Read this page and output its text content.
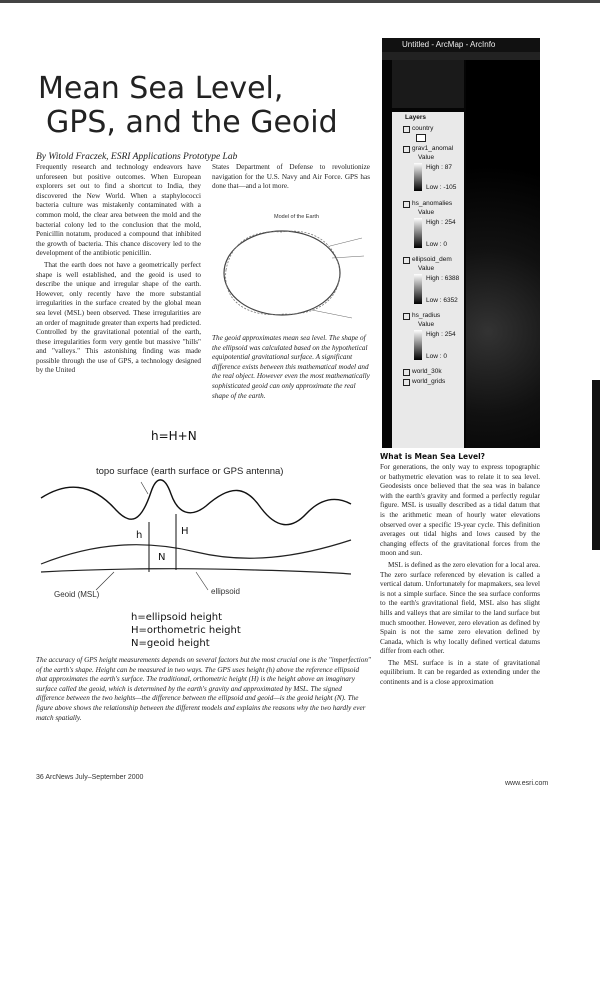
Mean Sea Level,
GPS, and the Geoid
By Witold Fraczek, ESRI Applications Prototype Lab

Frequently research and technology endeavors have unforeseen but positive outcomes. When European explorers set out to find a shortcut to India, they discovered the New World. When a staphylococci bacteria culture was mistakenly contaminated with a common mold, the clear area between the mold and the bacterial colony led to the conclusion that the mold, Penicillin notatum, produced a compound that inhibited the growth of bacteria. This chance discovery led to the development of the antibiotic penicillin.

That the earth does not have a geometrically perfect shape is well established, and the geoid is used to describe the unique and irregular shape of the earth. However, only recently have the more substantial irregularities in the surface created by the global mean sea level (MSL) been observed. These irregularities are an order of magnitude greater than experts had predicted. Controlled by the gravitational potential of the earth, these irregularities form very gentle but massive "hills" and "valleys." This astonishing finding was made possible through the use of GPS, a technology designed by the United

States Department of Defense to revolutionize navigation for the U.S. Navy and Air Force. GPS has done that—and a lot more.

Model of the Earth
The geoid approximates mean sea level. The shape of the ellipsoid was calculated based on the hypothetical equipotential gravitational surface. A significant difference exists between this mathematical model and the real object. However even the most mathematically sophisticated geoid can only approximate the real shape of the earth.
Untitled - ArcMap - ArcInfo
Layers
country
grav1_anomal
Value
High : 87
Low : -105
hs_anomalies
Value
High : 254
Low : 0
ellipsoid_dem
Value
High : 6388
Low : 6352
hs_radius
Value
High : 254
Low : 0
world_30k
world_grids
h=H+N
topo surface (earth surface or GPS antenna)
h	H
N
Geoid (MSL)	ellipsoid
h=ellipsoid height
H=orthometric height
N=geoid height
The accuracy of GPS height measurements depends on several factors but the most crucial one is the "imperfection" of the earth's shape. Height can be measured in two ways. The GPS uses height (h) above the reference ellipsoid that approximates the earth's surface. The traditional, orthometric height (H) is the height above an imaginary surface called the geoid, which is determined by the earth's gravity and approximated by MSL. The signed difference between the two heights—the difference between the ellipsoid and geoid—is the geoid height (N). The figure above shows the relationship between the different models and explains the reasons why the two hardly ever match spatially.
What is Mean Sea Level?

For generations, the only way to express topographic or bathymetric elevation was to relate it to sea level. Geodesists once believed that the sea was in balance with the earth's gravity and formed a perfectly regular figure. MSL is usually described as a tidal datum that is the arithmetic mean of hourly water elevations observed over a specific 19-year cycle. This definition averages out tidal highs and lows caused by the changing effects of the gravitational forces from the moon and sun.

MSL is defined as the zero elevation for a local area. The zero surface referenced by elevation is called a vertical datum. Unfortunately for mapmakers, sea level is not a simple surface. Since the sea surface conforms to the earth's gravitational field, MSL also has slight hills and valleys that are similar to the land surface but much smoother. However, zero elevation as defined by Spain is not the same zero elevation defined by Canada, which is why locally defined vertical datums differ from each other.

The MSL surface is in a state of gravitational equilibrium. It can be regarded as extending under the continents and is a close approximation

36 ArcNews July–September 2000
www.esri.com
